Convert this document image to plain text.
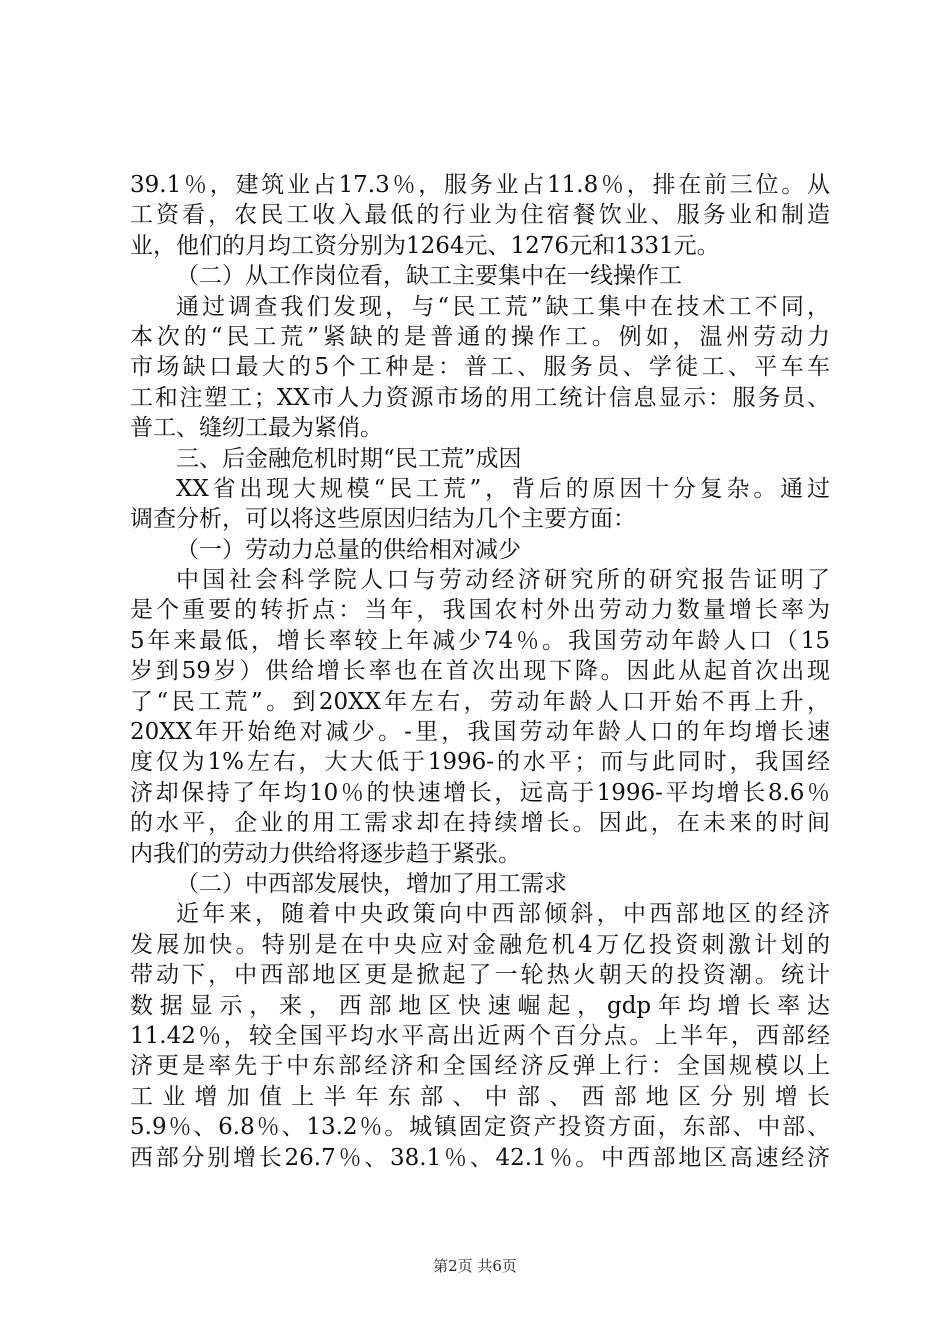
39.1％，建筑业占17.3％，服务业占11.8％，排在前三位。从
工资看，农民工收入最低的行业为住宿餐饮业、服务业和制造
业，他们的月均工资分别为1264元、1276元和1331元。
（二）从工作岗位看，缺工主要集中在一线操作工
通过调查我们发现，与“民工荒”缺工集中在技术工不同，
本次的“民工荒”紧缺的是普通的操作工。例如，温州劳动力
市场缺口最大的5个工种是：普工、服务员、学徒工、平车车
工和注塑工；XX市人力资源市场的用工统计信息显示：服务员、
普工、缝纫工最为紧俏。
三、后金融危机时期“民工荒”成因
XX省出现大规模“民工荒”，背后的原因十分复杂。通过
调查分析，可以将这些原因归结为几个主要方面：
（一）劳动力总量的供给相对减少
中国社会科学院人口与劳动经济研究所的研究报告证明了
是个重要的转折点：当年，我国农村外出劳动力数量增长率为
5年来最低，增长率较上年减少74％。我国劳动年龄人口（15
岁到59岁）供给增长率也在首次出现下降。因此从起首次出现
了“民工荒”。到20XX年左右，劳动年龄人口开始不再上升，
20XX年开始绝对减少。-里，我国劳动年龄人口的年均增长速
度仅为1%左右，大大低于1996-的水平；而与此同时，我国经
济却保持了年均10％的快速增长，远高于1996-平均增长8.6％
的水平，企业的用工需求却在持续增长。因此，在未来的时间
内我们的劳动力供给将逐步趋于紧张。
（二）中西部发展快，增加了用工需求
近年来，随着中央政策向中西部倾斜，中西部地区的经济
发展加快。特别是在中央应对金融危机4万亿投资刺激计划的
带动下，中西部地区更是掀起了一轮热火朝天的投资潮。统计
数据显示，来，西部地区快速崛起，gdp年均增长率达
11.42％，较全国平均水平高出近两个百分点。上半年，西部经
济更是率先于中东部经济和全国经济反弹上行：全国规模以上
工业增加值上半年东部、中部、西部地区分别增长
5.9％、6.8％、13.2％。城镇固定资产投资方面，东部、中部、
西部分别增长26.7％、38.1％、42.1％。中西部地区高速经济
第2页 共6页
